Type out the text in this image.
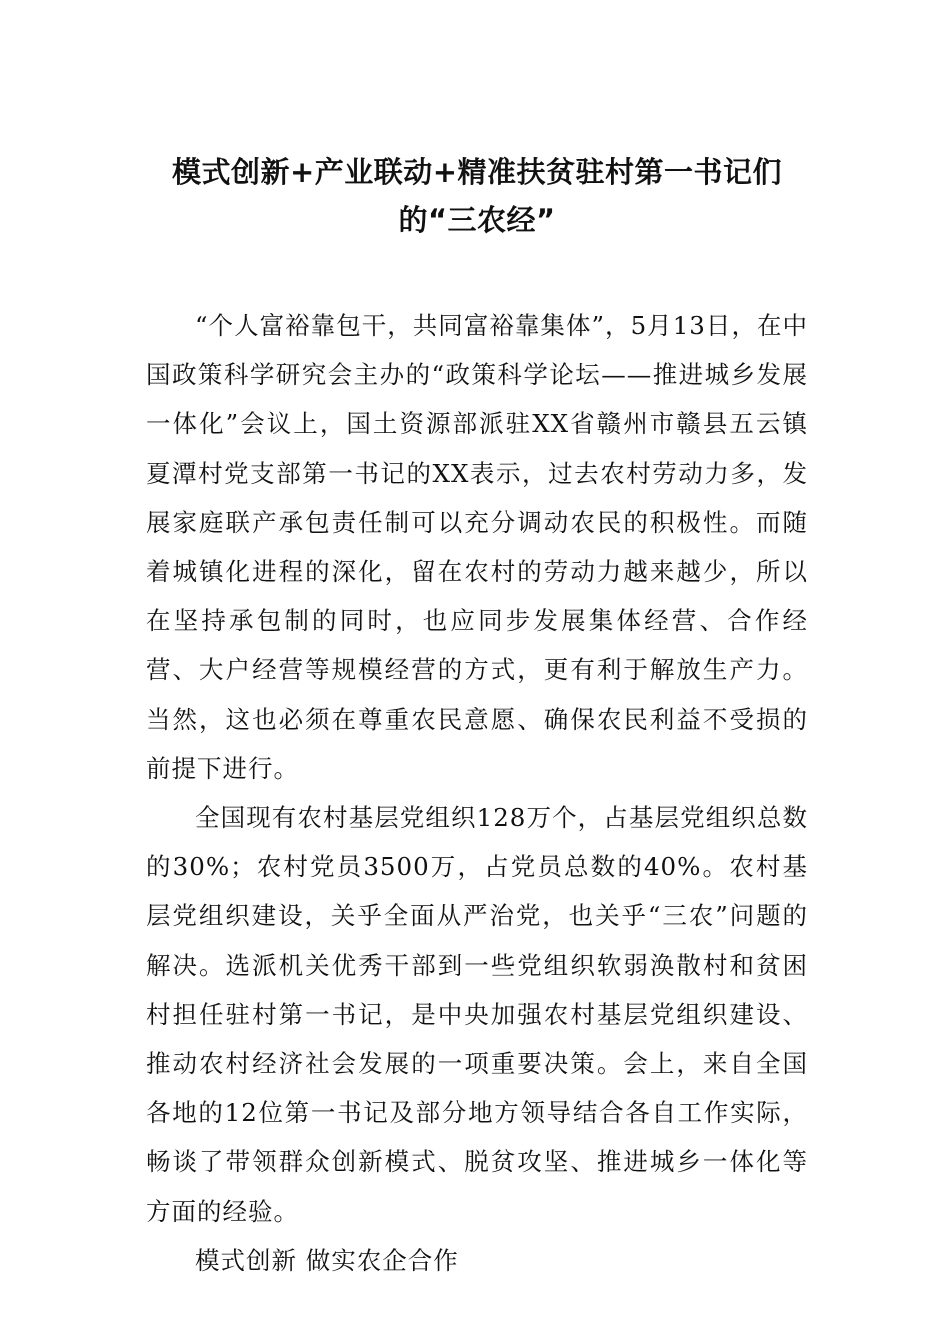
模式创新+产业联动+精准扶贫驻村第一书记们的“三农经”

“个人富裕靠包干，共同富裕靠集体”，5月13日，在中国政策科学研究会主办的“政策科学论坛——推进城乡发展一体化”会议上，国土资源部派驻XX省赣州市赣县五云镇夏潭村党支部第一书记的XX表示，过去农村劳动力多，发展家庭联产承包责任制可以充分调动农民的积极性。而随着城镇化进程的深化，留在农村的劳动力越来越少，所以在坚持承包制的同时，也应同步发展集体经营、合作经营、大户经营等规模经营的方式，更有利于解放生产力。当然，这也必须在尊重农民意愿、确保农民利益不受损的前提下进行。

全国现有农村基层党组织128万个，占基层党组织总数的30%；农村党员3500万，占党员总数的40%。农村基层党组织建设，关乎全面从严治党，也关乎“三农”问题的解决。选派机关优秀干部到一些党组织软弱涣散村和贫困村担任驻村第一书记，是中央加强农村基层党组织建设、推动农村经济社会发展的一项重要决策。会上，来自全国各地的12位第一书记及部分地方领导结合各自工作实际，畅谈了带领群众创新模式、脱贫攻坚、推进城乡一体化等方面的经验。

模式创新 做实农企合作
